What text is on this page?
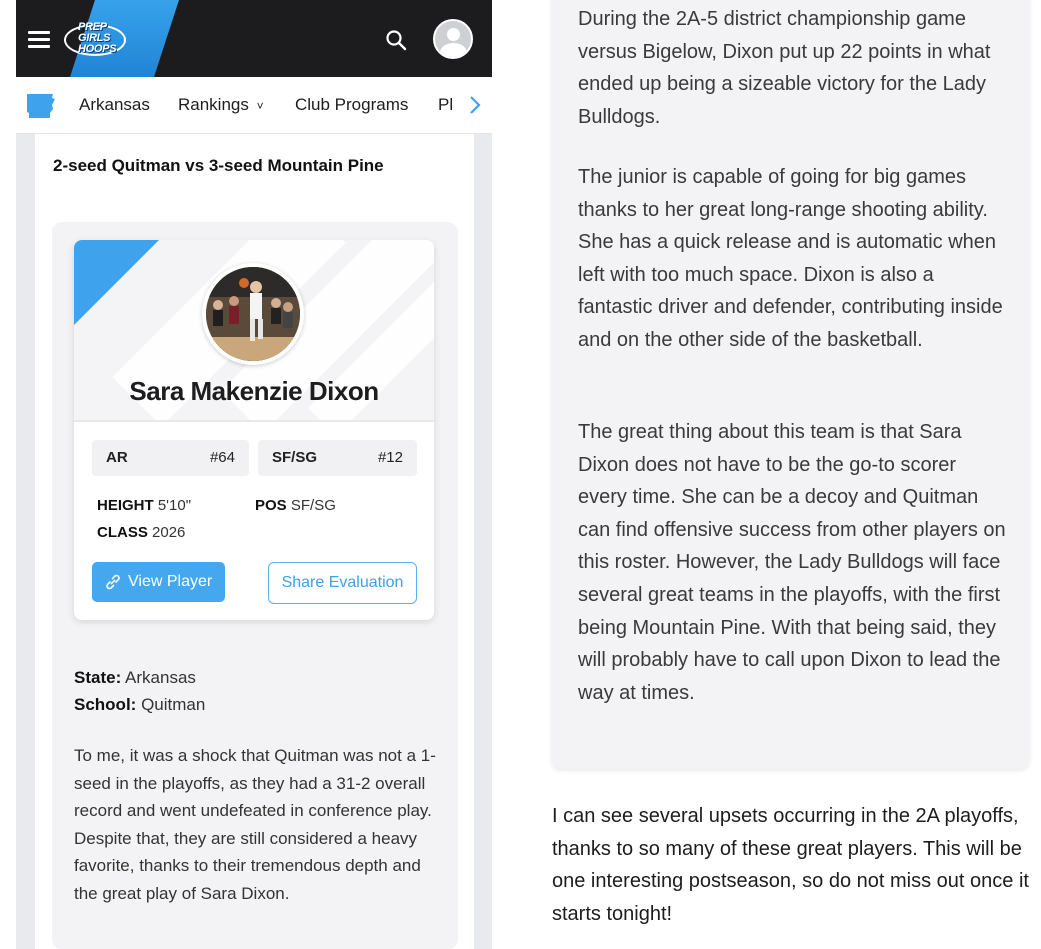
PREP
GIRLS
HOOPS
Arkansas Rankings ˅ Club Programs Pl
2-seed Quitman vs 3-seed Mountain Pine
Sara Makenzie Dixon
AR	#64 SF/SG	#12
HEIGHT 5'10"	POS SF/SG
CLASS 2026
View Player	Share Evaluation
State: Arkansas
School: Quitman
To me, it was a shock that Quitman was not a 1-seed in the playoffs, as they had a 31-2 overall record and went undefeated in conference play. Despite that, they are still considered a heavy favorite, thanks to their tremendous depth and the great play of Sara Dixon.
During the 2A-5 district championship game versus Bigelow, Dixon put up 22 points in what ended up being a sizeable victory for the Lady Bulldogs.
The junior is capable of going for big games thanks to her great long-range shooting ability. She has a quick release and is automatic when left with too much space. Dixon is also a fantastic driver and defender, contributing inside and on the other side of the basketball.
The great thing about this team is that Sara Dixon does not have to be the go-to scorer every time. She can be a decoy and Quitman can find offensive success from other players on this roster. However, the Lady Bulldogs will face several great teams in the playoffs, with the first being Mountain Pine. With that being said, they will probably have to call upon Dixon to lead the way at times.
I can see several upsets occurring in the 2A playoffs, thanks to so many of these great players. This will be one interesting postseason, so do not miss out once it starts tonight!
